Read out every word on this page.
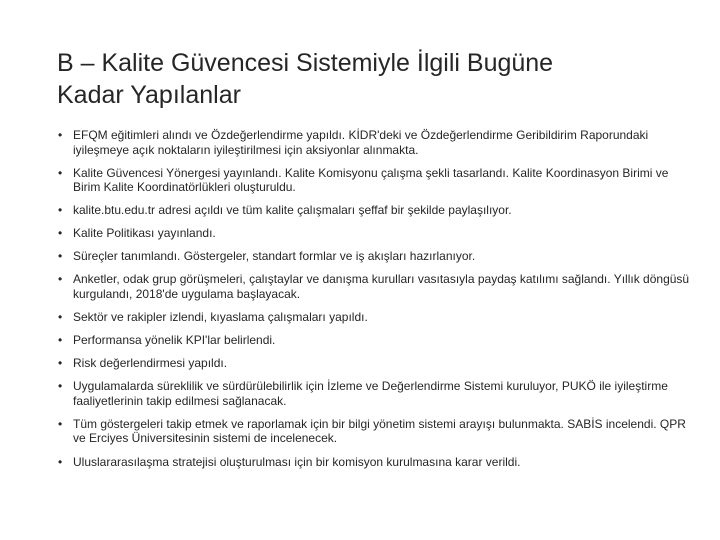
B – Kalite Güvencesi Sistemiyle İlgili Bugüne
Kadar Yapılanlar
• EFQM eğitimleri alındı ve Özdeğerlendirme yapıldı. KİDR'deki ve Özdeğerlendirme Geribildirim Raporundaki iyileşmeye açık noktaların iyileştirilmesi için aksiyonlar alınmakta.
• Kalite Güvencesi Yönergesi yayınlandı. Kalite Komisyonu çalışma şekli tasarlandı. Kalite Koordinasyon Birimi ve Birim Kalite Koordinatörlükleri oluşturuldu.
• kalite.btu.edu.tr adresi açıldı ve tüm kalite çalışmaları şeffaf bir şekilde paylaşılıyor.
• Kalite Politikası yayınlandı.
• Süreçler tanımlandı. Göstergeler, standart formlar ve iş akışları hazırlanıyor.
• Anketler, odak grup görüşmeleri, çalıştaylar ve danışma kurulları vasıtasıyla paydaş katılımı sağlandı. Yıllık döngüsü kurgulandı, 2018'de uygulama başlayacak.
• Sektör ve rakipler izlendi, kıyaslama çalışmaları yapıldı.
• Performansa yönelik KPI'lar belirlendi.
• Risk değerlendirmesi yapıldı.
• Uygulamalarda süreklilik ve sürdürülebilirlik için İzleme ve Değerlendirme Sistemi kuruluyor, PUKÖ ile iyileştirme faaliyetlerinin takip edilmesi sağlanacak.
• Tüm göstergeleri takip etmek ve raporlamak için bir bilgi yönetim sistemi arayışı bulunmakta. SABİS incelendi. QPR ve Erciyes Üniversitesinin sistemi de incelenecek.
• Uluslararasılaşma stratejisi oluşturulması için bir komisyon kurulmasına karar verildi.
